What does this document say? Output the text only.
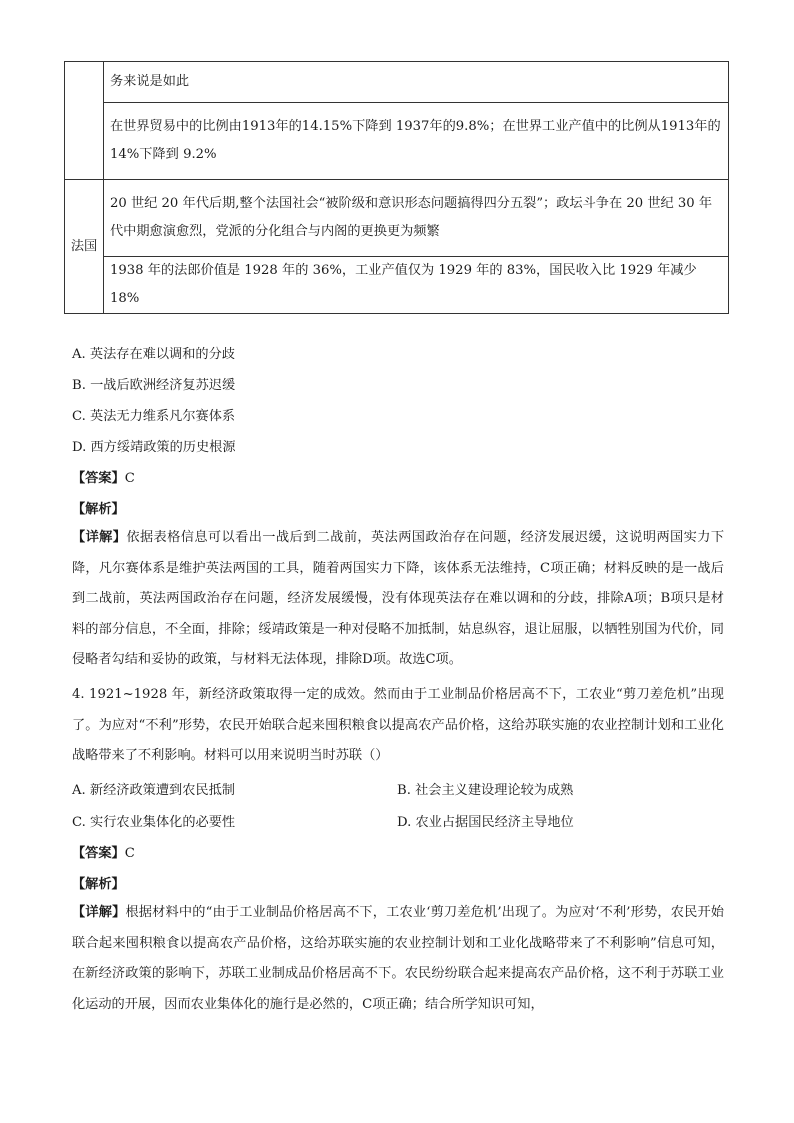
	务来说是如此
	在世界贸易中的比例由1913年的14.15%下降到 1937年的9.8%；在世界工业产值中的比例从1913年的 14%下降到 9.2%
法国	20 世纪 20 年代后期,整个法国社会“被阶级和意识形态问题搞得四分五裂”；政坛斗争在 20 世纪 30 年代中期愈演愈烈，党派的分化组合与内阁的更换更为频繁
	1938 年的法郎价值是 1928 年的 36%，工业产值仅为 1929 年的 83%，国民收入比 1929 年减少 18%
A. 英法存在难以调和的分歧
B. 一战后欧洲经济复苏迟缓
C. 英法无力维系凡尔赛体系
D. 西方绥靖政策的历史根源
【答案】C
【解析】
【详解】依据表格信息可以看出一战后到二战前，英法两国政治存在问题，经济发展迟缓，这说明两国实力下降，凡尔赛体系是维护英法两国的工具，随着两国实力下降，该体系无法维持，C项正确；材料反映的是一战后到二战前，英法两国政治存在问题，经济发展缓慢，没有体现英法存在难以调和的分歧，排除A项；B项只是材料的部分信息，不全面，排除；绥靖政策是一种对侵略不加抵制，姑息纵容，退让屈服，以牺牲别国为代价，同侵略者勾结和妥协的政策，与材料无法体现，排除D项。故选C项。
4. 1921~1928 年，新经济政策取得一定的成效。然而由于工业制品价格居高不下，工农业“剪刀差危机”出现了。为应对“不利”形势，农民开始联合起来囤积粮食以提高农产品价格，这给苏联实施的农业控制计划和工业化战略带来了不利影响。材料可以用来说明当时苏联（）
A. 新经济政策遭到农民抵制	B. 社会主义建设理论较为成熟
C. 实行农业集体化的必要性	D. 农业占据国民经济主导地位
【答案】C
【解析】
【详解】根据材料中的“由于工业制品价格居高不下，工农业‘剪刀差危机’出现了。为应对‘不利’形势，农民开始联合起来囤积粮食以提高农产品价格，这给苏联实施的农业控制计划和工业化战略带来了不利影响”信息可知，在新经济政策的影响下，苏联工业制成品价格居高不下。农民纷纷联合起来提高农产品价格，这不利于苏联工业化运动的开展，因而农业集体化的施行是必然的，C项正确；结合所学知识可知，
